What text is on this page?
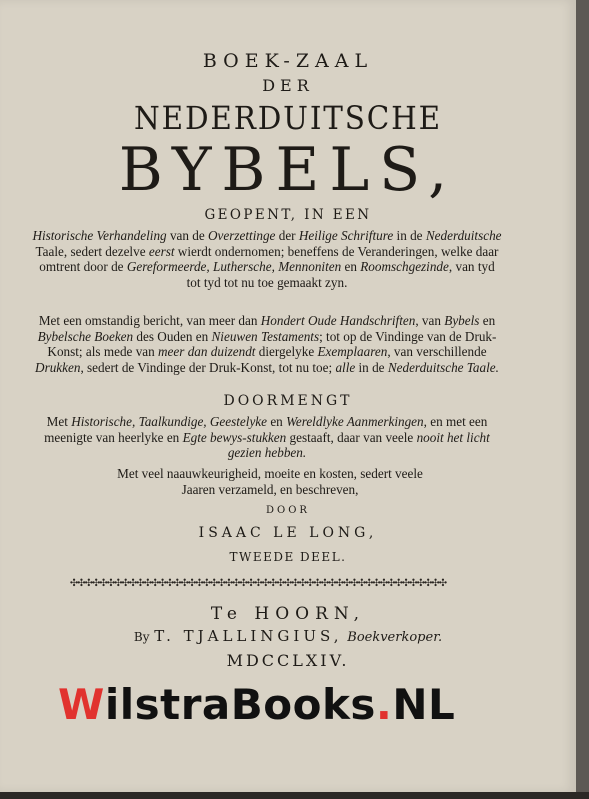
BOEK-ZAAL
DER
NEDERDUITSCHE
BYBELS,
GEOPENT, IN EEN
Historische Verhandeling van de Overzettinge der Heilige Schrifture in de Nederduitsche Taale, sedert dezelve eerst wierdt ondernomen; beneffens de Veranderingen, welke daar omtrent door de Gereformeerde, Luthersche, Mennoniten en Roomschgezinde, van tyd tot tyd tot nu toe gemaakt zyn.
Met een omstandig bericht, van meer dan Hondert Oude Handschriften, van Bybels en Bybelsche Boeken des Ouden en Nieuwen Testaments; tot op de Vindinge van de Druk-Konst; als mede van meer dan duizendt diergelyke Exemplaaren, van verschillende Drukken, sedert de Vindinge der Druk-Konst, tot nu toe; alle in de Nederduitsche Taale.
DOORMENGT
Met Historische, Taalkundige, Geestelyke en Wereldlyke Aanmerkingen, en met een meenigte van heerlyke en Egte bewys-stukken gestaaft, daar van veele nooit het licht gezien hebben.
Met veel naauwkeurigheid, moeite en kosten, sedert veele Jaaren verzameld, en beschreven,
DOOR
ISAAC LE LONG,
TWEEDE DEEL.
✣✣✣✣✣✣✣✣✣✣✣✣✣✣✣✣✣✣✣✣✣✣✣✣✣✣✣✣✣✣✣✣✣✣✣✣✣✣✣✣✣✣✣✣✣✣✣✣✣✣✣
Te HOORN,
By T. TJALLINGIUS, Boekverkoper.
MDCCLXIV.
WilstraBooks.NL
